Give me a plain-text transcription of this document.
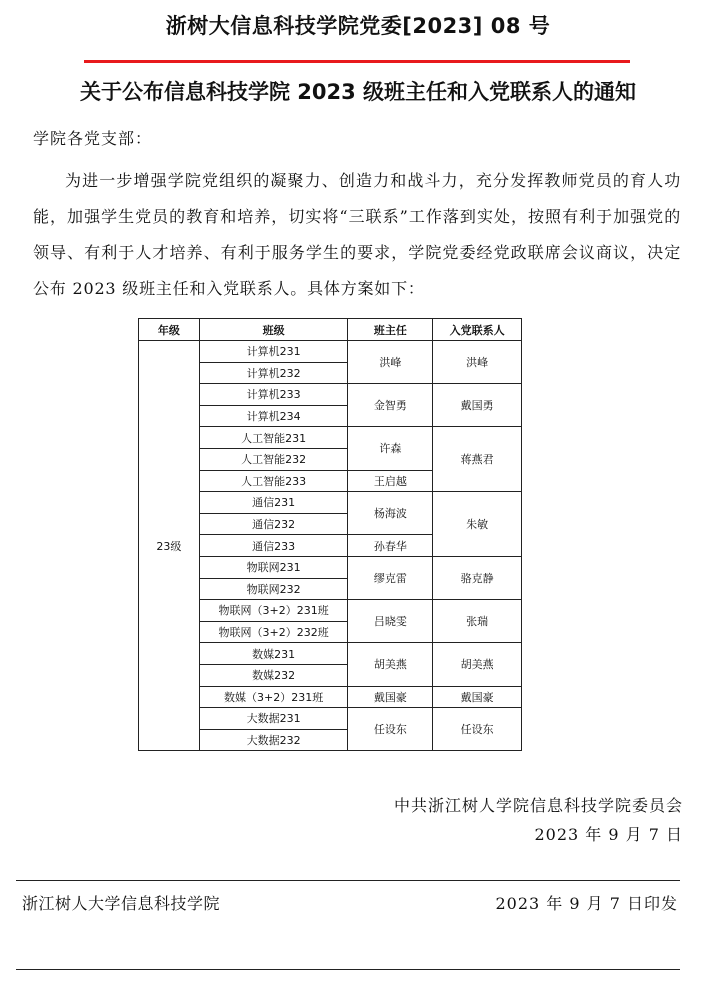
浙树大信息科技学院党委[2023] 08 号
关于公布信息科技学院 2023 级班主任和入党联系人的通知
学院各党支部：
为进一步增强学院党组织的凝聚力、创造力和战斗力，充分发挥教师党员的育人功能，加强学生党员的教育和培养，切实将“三联系”工作落到实处，按照有利于加强党的领导、有利于人才培养、有利于服务学生的要求，学院党委经党政联席会议商议，决定公布 2023 级班主任和入党联系人。具体方案如下：
年级	班级	班主任	入党联系人
23级	计算机231	洪峰	洪峰
	计算机232		
	计算机233	金智勇	戴国勇
	计算机234		
	人工智能231	许森	蒋燕君
	人工智能232		
	人工智能233	王启越	
	通信231	杨海波	朱敏
	通信232		
	通信233	孙春华	
	物联网231	缪克雷	骆克静
	物联网232		
	物联网（3+2）231班	吕晓雯	张瑞
	物联网（3+2）232班		
	数媒231	胡美燕	胡美燕
	数媒232		
	数媒（3+2）231班	戴国豪	戴国豪
	大数据231	任设东	任设东
	大数据232		
中共浙江树人学院信息科技学院委员会
2023 年 9 月 7 日
浙江树人大学信息科技学院	2023 年 9 月 7 日印发
